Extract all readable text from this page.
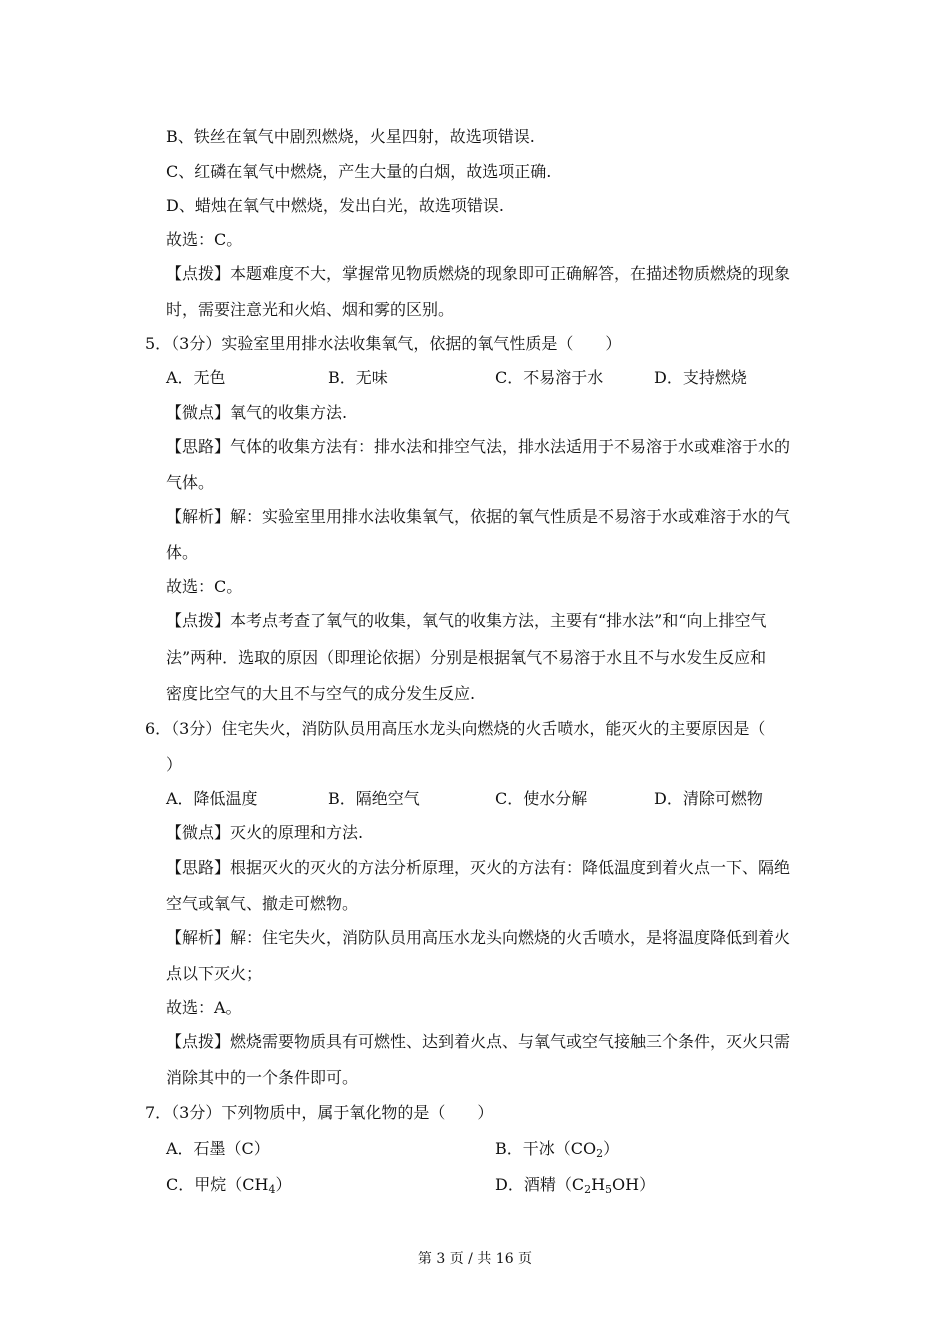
B、铁丝在氧气中剧烈燃烧，火星四射，故选项错误.
C、红磷在氧气中燃烧，产生大量的白烟，故选项正确.
D、蜡烛在氧气中燃烧，发出白光，故选项错误.
故选：C。
【点拨】本题难度不大，掌握常见物质燃烧的现象即可正确解答，在描述物质燃烧的现象
时，需要注意光和火焰、烟和雾的区别。
5．（3分）实验室里用排水法收集氧气，依据的氧气性质是（　　）
A．无色	B．无味	C．不易溶于水	D．支持燃烧
【微点】氧气的收集方法.
【思路】气体的收集方法有：排水法和排空气法，排水法适用于不易溶于水或难溶于水的
气体。
【解析】解：实验室里用排水法收集氧气，依据的氧气性质是不易溶于水或难溶于水的气
体。
故选：C。
【点拨】本考点考查了氧气的收集，氧气的收集方法，主要有“排水法”和“向上排空气
法”两种．选取的原因（即理论依据）分别是根据氧气不易溶于水且不与水发生反应和
密度比空气的大且不与空气的成分发生反应.
6．（3分）住宅失火，消防队员用高压水龙头向燃烧的火舌喷水，能灭火的主要原因是（
）
A．降低温度	B．隔绝空气	C．使水分解	D．清除可燃物
【微点】灭火的原理和方法.
【思路】根据灭火的灭火的方法分析原理，灭火的方法有：降低温度到着火点一下、隔绝
空气或氧气、撤走可燃物。
【解析】解：住宅失火，消防队员用高压水龙头向燃烧的火舌喷水，是将温度降低到着火
点以下灭火；
故选：A。
【点拨】燃烧需要物质具有可燃性、达到着火点、与氧气或空气接触三个条件，灭火只需
消除其中的一个条件即可。
7．（3分）下列物质中，属于氧化物的是（　　）
A．石墨（C）	B．干冰$(CO_2)$
C．甲烷$(CH_4)$	D．酒精$(C_2H_5OH)$
第 3 页 / 共 16 页
